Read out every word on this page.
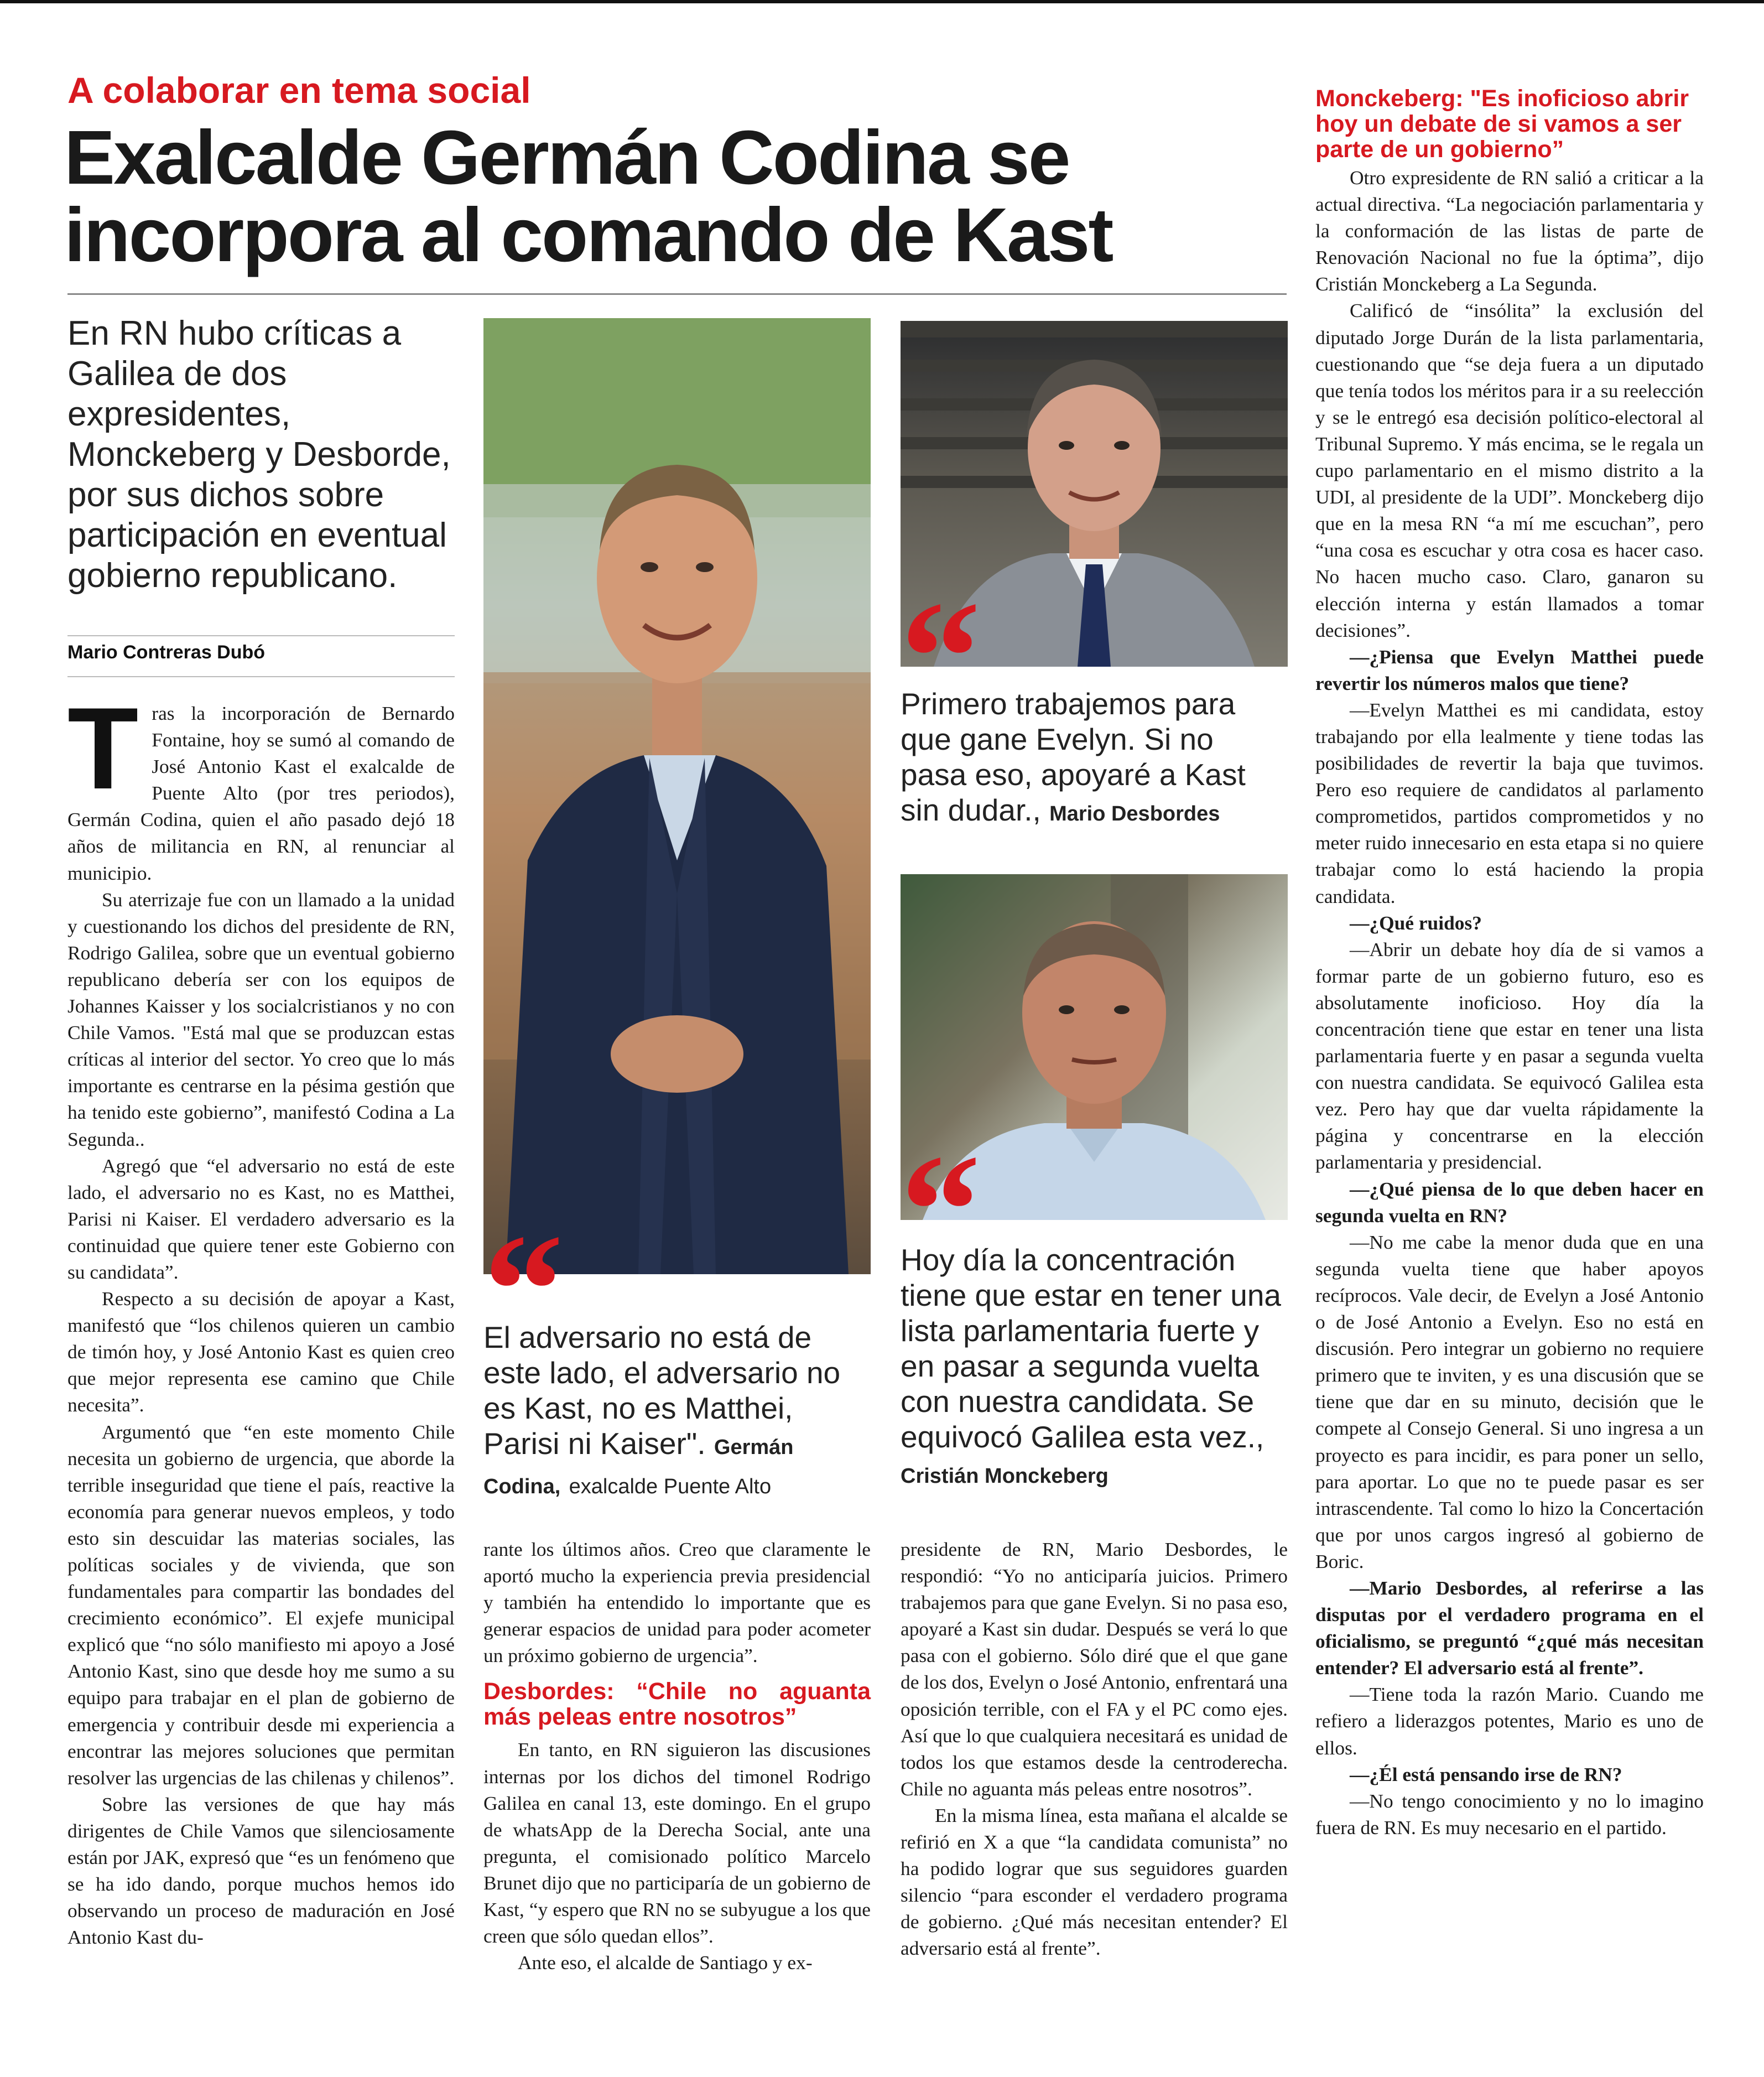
A colaborar en tema social
Exalcalde Germán Codina se
incorpora al comando de Kast
En RN hubo críticas a Galilea de dos expresidentes, Monckeberg y Desborde, por sus dichos sobre participación en eventual gobierno republicano.
Mario Contreras Dubó
T ras la incorporación de Bernardo Fontaine, hoy se sumó al comando de José Antonio Kast el exalcalde de Puente Alto (por tres periodos), Germán Codina, quien el año pasado dejó 18 años de militancia en RN, al renunciar al municipio.

Su aterrizaje fue con un llamado a la unidad y cuestionando los dichos del presidente de RN, Rodrigo Galilea, sobre que un eventual gobierno republicano debería ser con los equipos de Johannes Kaisser y los socialcristianos y no con Chile Vamos. "Está mal que se produzcan estas críticas al interior del sector. Yo creo que lo más importante es centrarse en la pésima gestión que ha tenido este gobierno”, manifestó Codina a La Segunda..

Agregó que “el adversario no está de este lado, el adversario no es Kast, no es Matthei, Parisi ni Kaiser. El verdadero adversario es la continuidad que quiere tener este Gobierno con su candidata”.

Respecto a su decisión de apoyar a Kast, manifestó que “los chilenos quieren un cambio de timón hoy, y José Antonio Kast es quien creo que mejor representa ese camino que Chile necesita”.

Argumentó que “en este momento Chile necesita un gobierno de urgencia, que aborde la terrible inseguridad que tiene el país, reactive la economía para generar nuevos empleos, y todo esto sin descuidar las materias sociales, las políticas sociales y de vivienda, que son fundamentales para compartir las bondades del crecimiento económico”. El exjefe municipal explicó que “no sólo manifiesto mi apoyo a José Antonio Kast, sino que desde hoy me sumo a su equipo para trabajar en el plan de gobierno de emergencia y contribuir desde mi experiencia a encontrar las mejores soluciones que permitan resolver las urgencias de las chilenas y chilenos”.

Sobre las versiones de que hay más dirigentes de Chile Vamos que silenciosamente están por JAK, expresó que “es un fenómeno que se ha ido dando, porque muchos hemos ido observando un proceso de maduración en José Antonio Kast du-

“
El adversario no está de este lado, el adversario no es Kast, no es Matthei, Parisi ni Kaiser". Germán Codina, exalcalde Puente Alto
“
Primero trabajemos para que gane Evelyn. Si no pasa eso, apoyaré a Kast sin dudar., Mario Desbordes
“
Hoy día la concentración tiene que estar en tener una lista parlamentaria fuerte y en pasar a segunda vuelta con nuestra candidata. Se equivocó Galilea esta vez., Cristián Monckeberg

rante los últimos años. Creo que claramente le aportó mucho la experiencia previa presidencial y también ha entendido lo importante que es generar espacios de unidad para poder acometer un próximo gobierno de urgencia”.

Desbordes: “Chile no aguanta más peleas entre nosotros”

En tanto, en RN siguieron las discusiones internas por los dichos del timonel Rodrigo Galilea en canal 13, este domingo. En el grupo de whatsApp de la Derecha Social, ante una pregunta, el comisionado político Marcelo Brunet dijo que no participaría de un gobierno de Kast, “y espero que RN no se subyugue a los que creen que sólo quedan ellos”.

Ante eso, el alcalde de Santiago y ex-

presidente de RN, Mario Desbordes, le respondió: “Yo no anticiparía juicios. Primero trabajemos para que gane Evelyn. Si no pasa eso, apoyaré a Kast sin dudar. Después se verá lo que pasa con el gobierno. Sólo diré que el que gane de los dos, Evelyn o José Antonio, enfrentará una oposición terrible, con el FA y el PC como ejes. Así que lo que cualquiera necesitará es unidad de todos los que estamos desde la centroderecha. Chile no aguanta más peleas entre nosotros”.

En la misma línea, esta mañana el alcalde se refirió en X a que “la candidata comunista” no ha podido lograr que sus seguidores guarden silencio “para esconder el verdadero programa de gobierno. ¿Qué más necesitan entender? El adversario está al frente”.

Monckeberg: "Es inoficioso abrir hoy un debate de si vamos a ser parte de un gobierno”

Otro expresidente de RN salió a criticar a la actual directiva. “La negociación parlamentaria y la conformación de las listas de parte de Renovación Nacional no fue la óptima”, dijo Cristián Monckeberg a La Segunda.

Calificó de “insólita” la exclusión del diputado Jorge Durán de la lista parlamentaria, cuestionando que “se deja fuera a un diputado que tenía todos los méritos para ir a su reelección y se le entregó esa decisión político-electoral al Tribunal Supremo. Y más encima, se le regala un cupo parlamentario en el mismo distrito a la UDI, al presidente de la UDI”. Monckeberg dijo que en la mesa RN “a mí me escuchan”, pero “una cosa es escuchar y otra cosa es hacer caso. No hacen mucho caso. Claro, ganaron su elección interna y están llamados a tomar decisiones”.

—¿Piensa que Evelyn Matthei puede revertir los números malos que tiene?

—Evelyn Matthei es mi candidata, estoy trabajando por ella lealmente y tiene todas las posibilidades de revertir la baja que tuvimos. Pero eso requiere de candidatos al parlamento comprometidos, partidos comprometidos y no meter ruido innecesario en esta etapa si no quiere trabajar como lo está haciendo la propia candidata.

—¿Qué ruidos?

—Abrir un debate hoy día de si vamos a formar parte de un gobierno futuro, eso es absolutamente inoficioso. Hoy día la concentración tiene que estar en tener una lista parlamentaria fuerte y en pasar a segunda vuelta con nuestra candidata. Se equivocó Galilea esta vez. Pero hay que dar vuelta rápidamente la página y concentrarse en la elección parlamentaria y presidencial.

—¿Qué piensa de lo que deben hacer en segunda vuelta en RN?

—No me cabe la menor duda que en una segunda vuelta tiene que haber apoyos recíprocos. Vale decir, de Evelyn a José Antonio o de José Antonio a Evelyn. Eso no está en discusión. Pero integrar un gobierno no requiere primero que te inviten, y es una discusión que se tiene que dar en su minuto, decisión que le compete al Consejo General. Si uno ingresa a un proyecto es para incidir, es para poner un sello, para aportar. Lo que no te puede pasar es ser intrascendente. Tal como lo hizo la Concertación que por unos cargos ingresó al gobierno de Boric.

—Mario Desbordes, al referirse a las disputas por el verdadero programa en el oficialismo, se preguntó “¿qué más necesitan entender? El adversario está al frente”.

—Tiene toda la razón Mario. Cuando me refiero a liderazgos potentes, Mario es uno de ellos.

—¿Él está pensando irse de RN?

—No tengo conocimiento y no lo imagino fuera de RN. Es muy necesario en el partido.
